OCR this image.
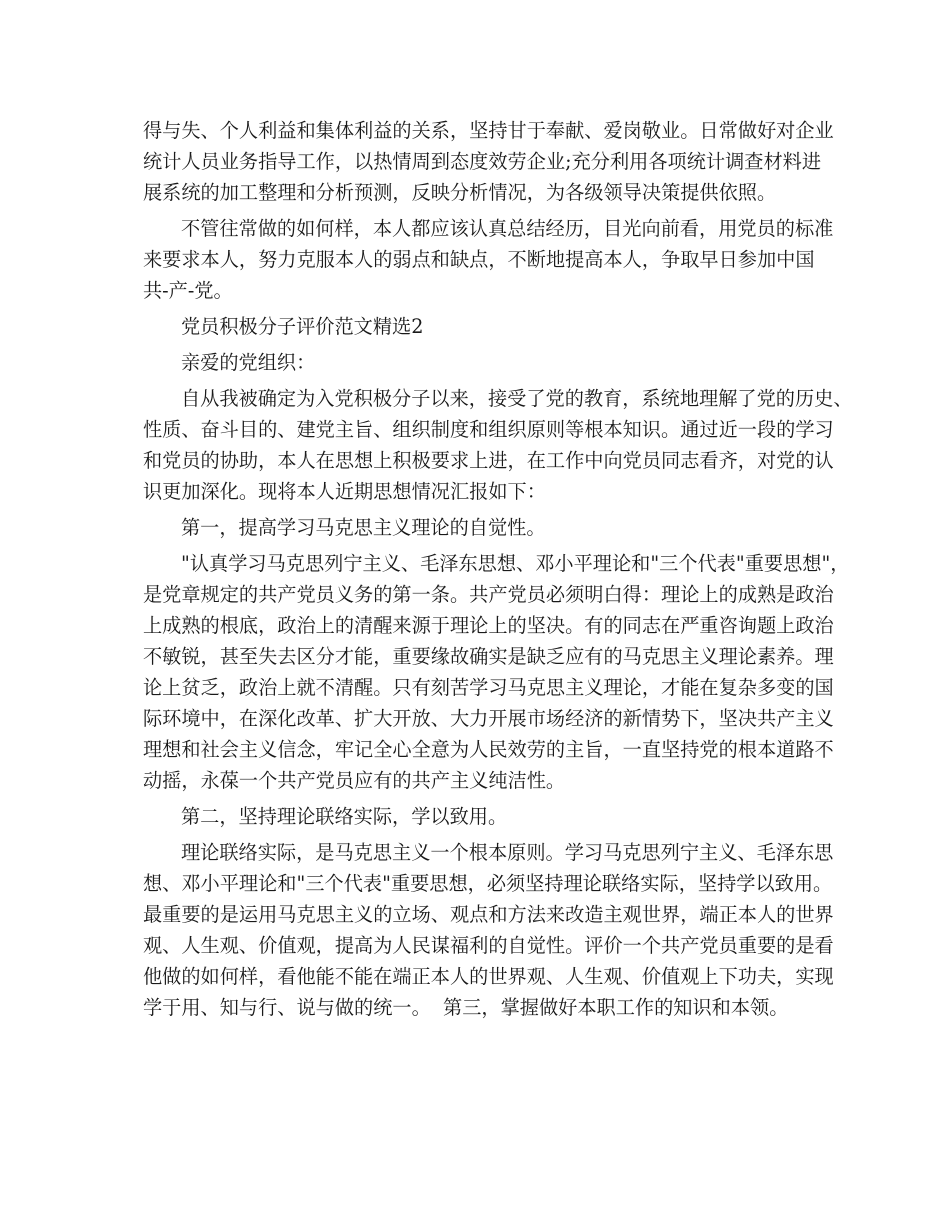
得与失、个人利益和集体利益的关系，坚持甘于奉献、爱岗敬业。日常做好对企业

统计人员业务指导工作，以热情周到态度效劳企业;充分利用各项统计调查材料进

展系统的加工整理和分析预测，反映分析情况，为各级领导决策提供依照。

不管往常做的如何样，本人都应该认真总结经历，目光向前看，用党员的标准

来要求本人，努力克服本人的弱点和缺点，不断地提高本人，争取早日参加中国

共-产-党。

党员积极分子评价范文精选2

亲爱的党组织：

自从我被确定为入党积极分子以来，接受了党的教育，系统地理解了党的历史、

性质、奋斗目的、建党主旨、组织制度和组织原则等根本知识。通过近一段的学习

和党员的协助，本人在思想上积极要求上进，在工作中向党员同志看齐，对党的认

识更加深化。现将本人近期思想情况汇报如下：

第一，提高学习马克思主义理论的自觉性。

"认真学习马克思列宁主义、毛泽东思想、邓小平理论和"三个代表"重要思想"，

是党章规定的共产党员义务的第一条。共产党员必须明白得：理论上的成熟是政治

上成熟的根底，政治上的清醒来源于理论上的坚决。有的同志在严重咨询题上政治

不敏锐，甚至失去区分才能，重要缘故确实是缺乏应有的马克思主义理论素养。理

论上贫乏，政治上就不清醒。只有刻苦学习马克思主义理论，才能在复杂多变的国

际环境中，在深化改革、扩大开放、大力开展市场经济的新情势下，坚决共产主义

理想和社会主义信念，牢记全心全意为人民效劳的主旨，一直坚持党的根本道路不

动摇，永葆一个共产党员应有的共产主义纯洁性。

第二，坚持理论联络实际，学以致用。

理论联络实际，是马克思主义一个根本原则。学习马克思列宁主义、毛泽东思

想、邓小平理论和"三个代表"重要思想，必须坚持理论联络实际，坚持学以致用。

最重要的是运用马克思主义的立场、观点和方法来改造主观世界，端正本人的世界

观、人生观、价值观，提高为人民谋福利的自觉性。评价一个共产党员重要的是看

他做的如何样，看他能不能在端正本人的世界观、人生观、价值观上下功夫，实现

学于用、知与行、说与做的统一。  第三，掌握做好本职工作的知识和本领。
